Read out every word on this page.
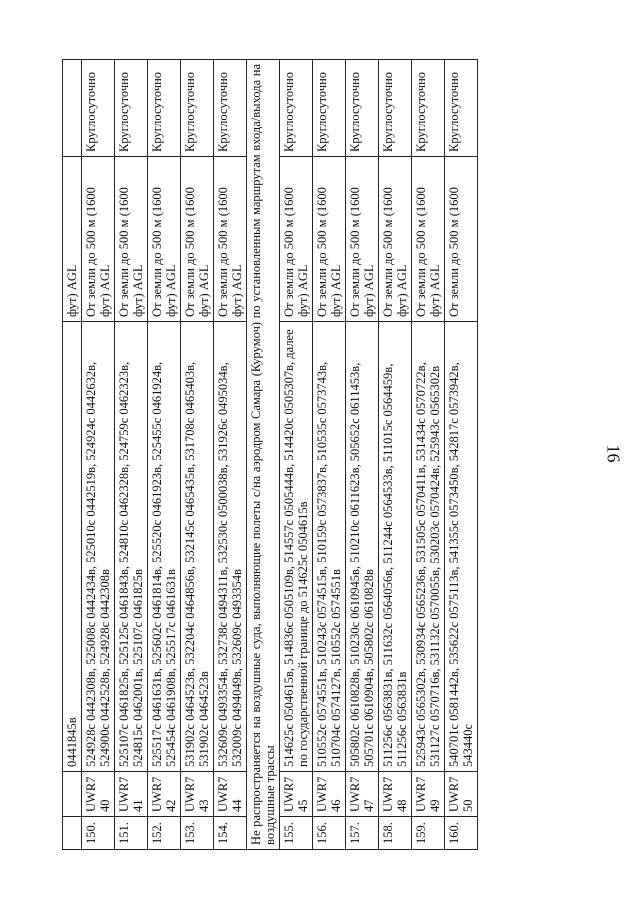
16
		0441845в	фут) AGL	
150.	UWR740	524928с 0442308в, 525008с 0442434в, 525010с 0442519в, 524924с 0442632в, 524900с 0442528в, 524928с 0442308в	От земли до 500 м (1600 фут) AGL	Круглосуточно
151.	UWR741	525107с 0461825в, 525125с 0461843в, 524810с 0462328в, 524759с 0462323в, 524815с 0462001в, 525107с 0461825в	От земли до 500 м (1600 фут) AGL	Круглосуточно
152.	UWR742	525517с 0461631в, 525602с 0461814в, 525520с 0461923в, 525455с 0461924в, 525454с 0461908в, 525517с 0461631в	От земли до 500 м (1600 фут) AGL	Круглосуточно
153.	UWR743	531902с 0464523в, 532204с 0464856в, 532145с 0465435в, 531708с 0465403в, 531902с 0464523в	От земли до 500 м (1600 фут) AGL	Круглосуточно
154.	UWR744	532609с 0493354в, 532738с 0494311в, 532530с 0500038в, 531926с 0495034в, 532009с 0494049в, 532609с 0493354в	От земли до 500 м (1600 фут) AGL	Круглосуточно
Не распространяется на воздушные суда, выполняющие полеты с/на аэродром Самара (Курумоч) по установленным маршрутам входа/выхода на воздушные трассы				
155.	UWR745	514625с 0504615в, 514836с 0505109в, 514557с 0505444в, 514420с 0505307в, далее по государственной границе до 514625с 0504615в	От земли до 500 м (1600 фут) AGL	Круглосуточно
156.	UWR746	510552с 0574551в, 510243с 0574515в, 510159с 0573837в, 510535с 0573743в, 510704с 0574127в, 510552с 0574551в	От земли до 500 м (1600 фут) AGL	Круглосуточно
157.	UWR747	505802с 0610828в, 510230с 0610945в, 510210с 0611623в, 505652с 0611453в, 505701с 0610904в, 505802с 0610828в	От земли до 500 м (1600 фут) AGL	Круглосуточно
158.	UWR748	511256с 0563831в, 511632с 0564056в, 511244с 0564533в, 511015с 0564459в, 511256с 0563831в	От земли до 500 м (1600 фут) AGL	Круглосуточно
159.	UWR749	525943с 0565302в, 530934с 0565236в, 531505с 0570411в, 531434с 0570722в, 531127с 0570716в, 531132с 0570055в, 530203с 0570424в, 525943с 0565302в	От земли до 500 м (1600 фут) AGL	Круглосуточно
160.	UWR750	540701с 0581442в, 535622с 0575113в, 541355с 0573450в, 542817с 0573942в, 543440с	От земли до 500 м (1600	Круглосуточно
